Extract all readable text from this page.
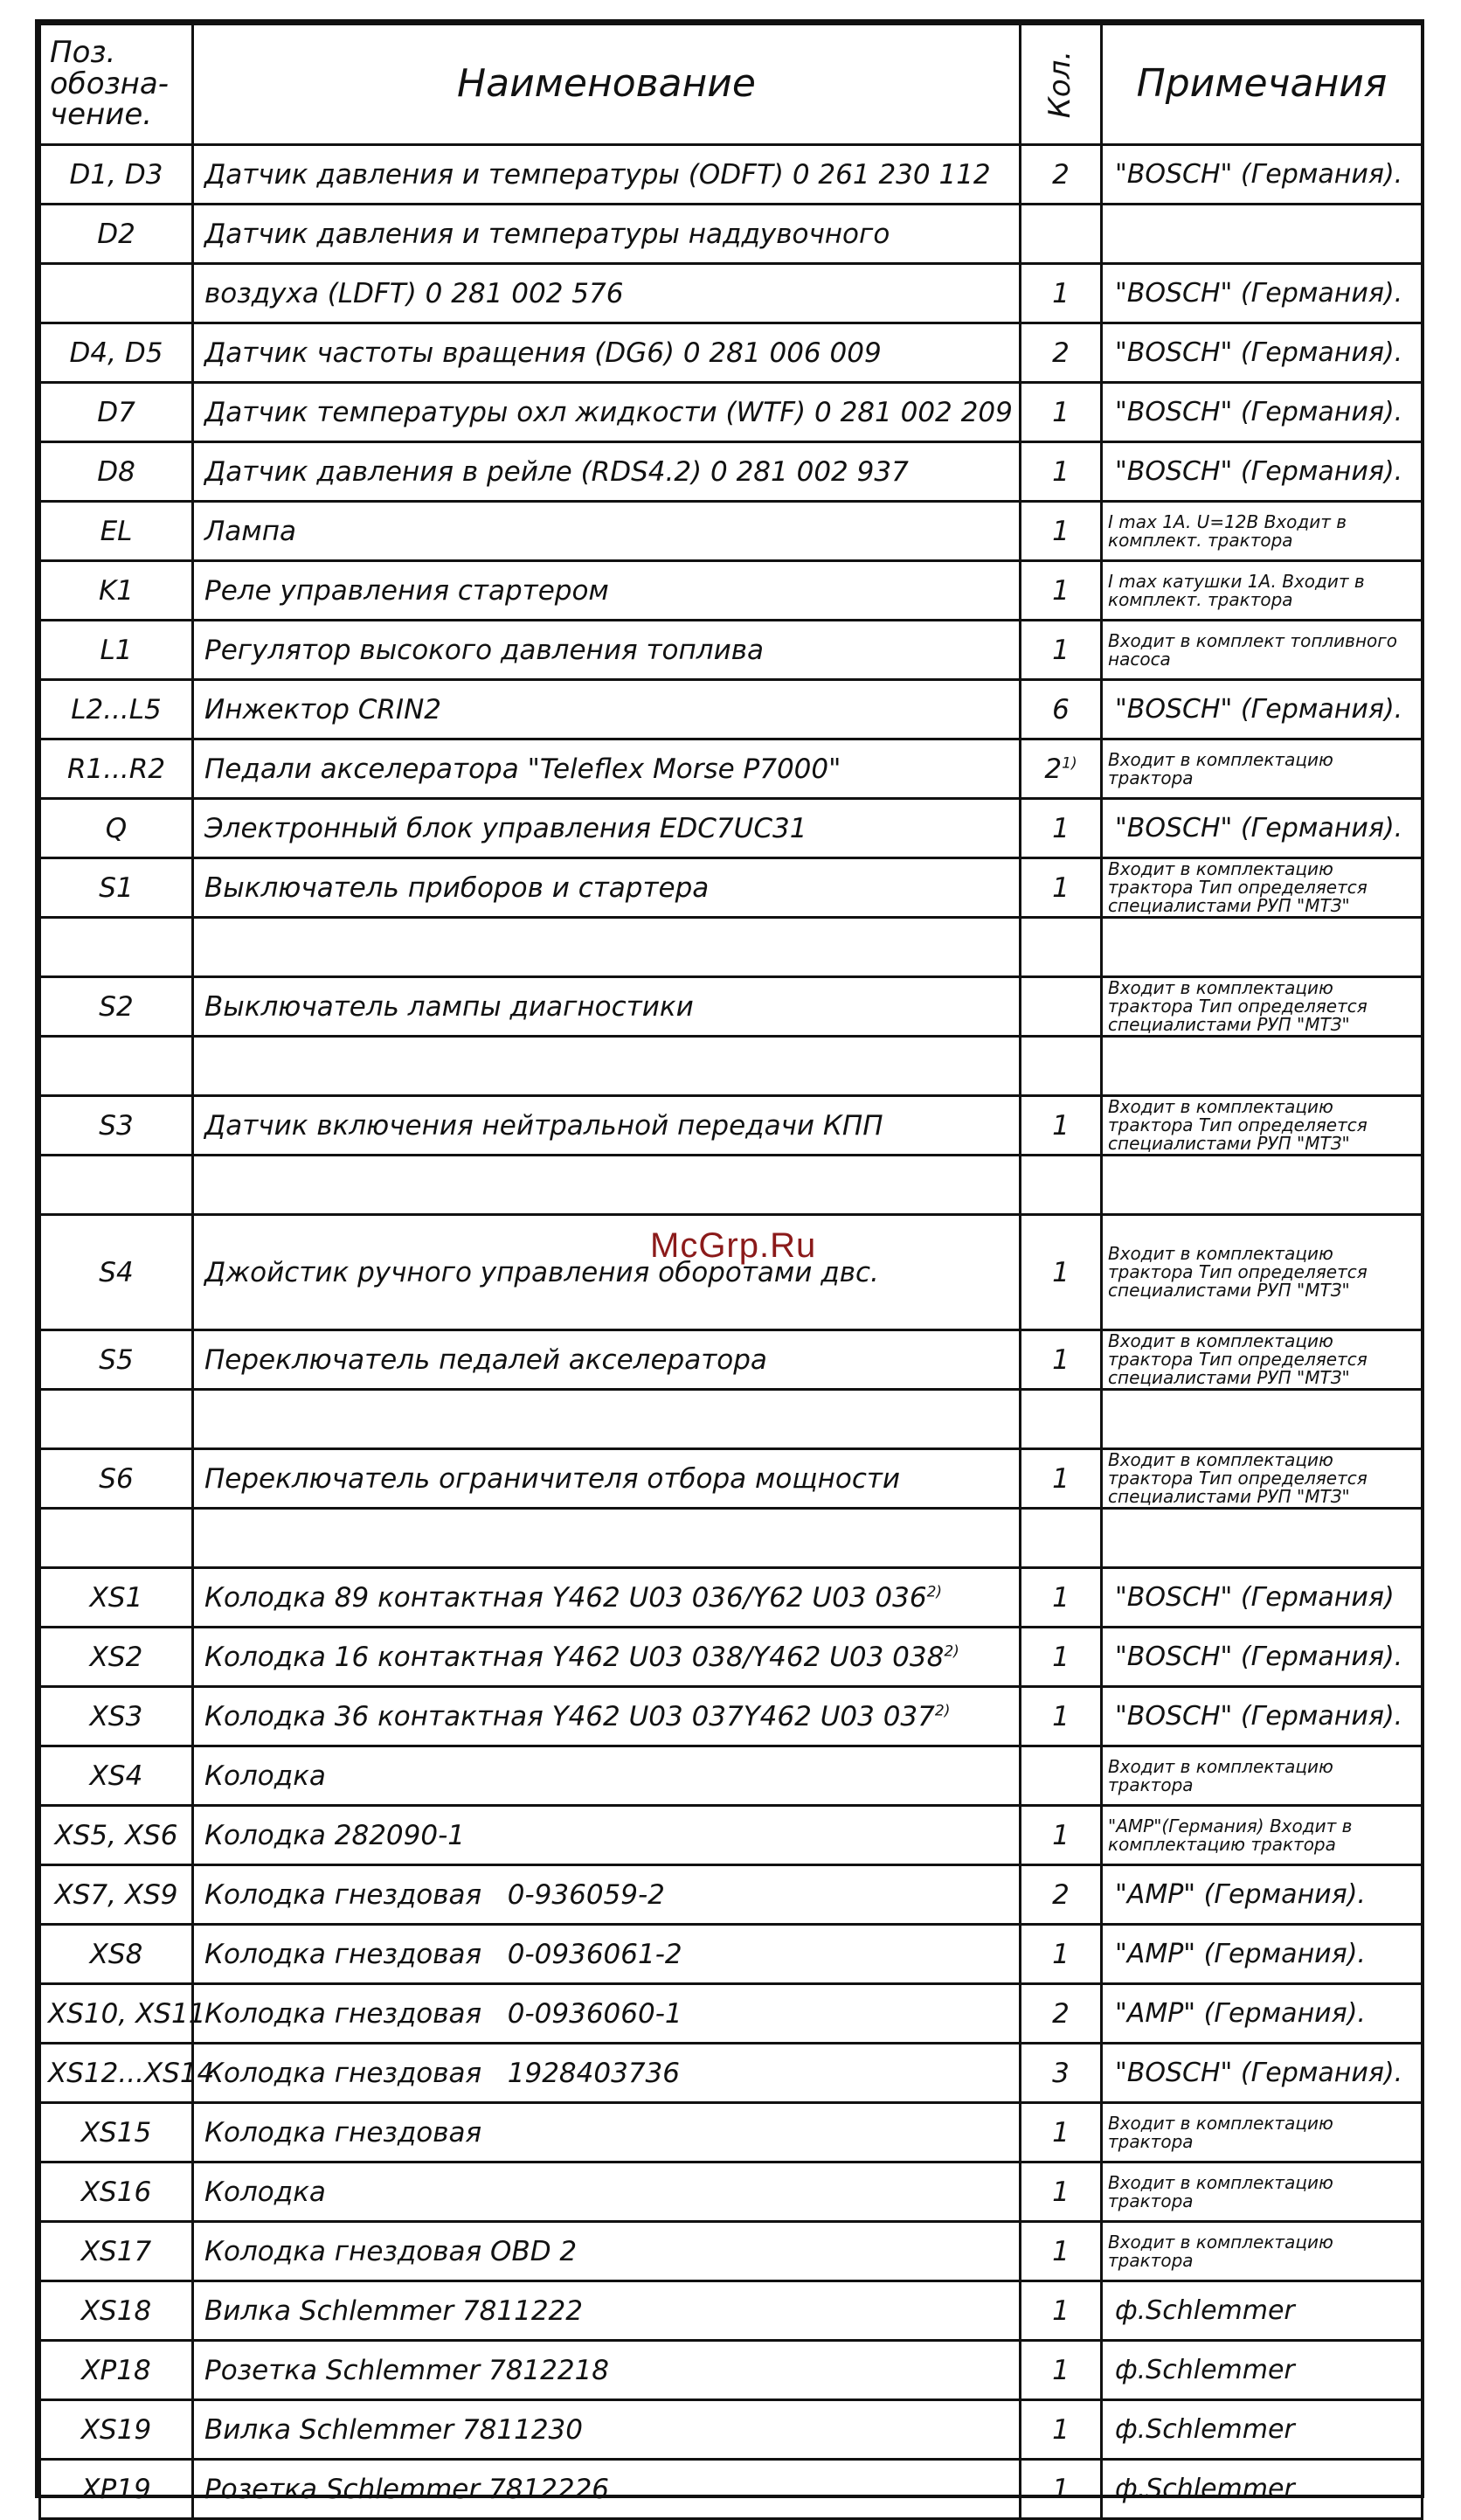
Поз. обозна- чение.	Наименование	Кол.	Примечания
D1, D3	Датчик давления и температуры (ODFT) 0 261 230 112	2	"BOSCH" (Германия).
D2	Датчик давления и температуры наддувочного		
	воздуха (LDFT) 0 281 002 576	1	"BOSCH" (Германия).
D4, D5	Датчик частоты вращения (DG6) 0 281 006 009	2	"BOSCH" (Германия).
D7	Датчик температуры охл жидкости (WTF) 0 281 002 209	1	"BOSCH" (Германия).
D8	Датчик давления в рейле (RDS4.2) 0 281 002 937	1	"BOSCH" (Германия).
EL	Лампа	1	I max 1A. U=12B Входит в комплект. трактора
K1	Реле управления стартером	1	I max катушки 1A. Входит в комплект. трактора
L1	Регулятор высокого давления топлива	1	Входит в комплект топливного насоса
L2...L5	Инжектор CRIN2	6	"BOSCH" (Германия).
R1...R2	Педали акселератора "Teleflex Morse P7000"	2$^{1)}$	Входит в комплектацию трактора
Q	Электронный блок управления EDC7UC31	1	"BOSCH" (Германия).
S1	Выключатель приборов и стартера	1	Входит в комплектацию трактора Тип определяется специалистами РУП "МТЗ"

S2	Выключатель лампы диагностики		Входит в комплектацию трактора Тип определяется специалистами РУП "МТЗ"

S3	Датчик включения нейтральной передачи КПП	1	Входит в комплектацию трактора Тип определяется специалистами РУП "МТЗ"

S4	Джойстик ручного управления оборотами двс.	1	Входит в комплектацию трактора Тип определяется специалистами РУП "МТЗ"
S5	Переключатель педалей акселератора	1	Входит в комплектацию трактора Тип определяется специалистами РУП "МТЗ"

S6	Переключатель ограничителя отбора мощности	1	Входит в комплектацию трактора Тип определяется специалистами РУП "МТЗ"

XS1	Колодка 89 контактная Y462 U03 036/Y62 U03 036$^{2)}$	1	"BOSCH" (Германия)
XS2	Колодка 16 контактная Y462 U03 038/Y462 U03 038$^{2)}$	1	"BOSCH" (Германия).
XS3	Колодка 36 контактная Y462 U03 037Y462 U03 037$^{2)}$	1	"BOSCH" (Германия).
XS4	Колодка		Входит в комплектацию трактора
XS5, XS6	Колодка 282090-1	1	"AMP"(Германия) Входит в комплектацию трактора
XS7, XS9	Колодка гнездовая   0-936059-2	2	"AMP" (Германия).
XS8	Колодка гнездовая   0-0936061-2	1	"AMP" (Германия).
XS10, XS11	Колодка гнездовая   0-0936060-1	2	"AMP" (Германия).
XS12...XS14	Колодка гнездовая   1928403736	3	"BOSCH" (Германия).
XS15	Колодка гнездовая	1	Входит в комплектацию трактора
XS16	Колодка	1	Входит в комплектацию трактора
XS17	Колодка гнездовая OBD 2	1	Входит в комплектацию трактора
XS18	Вилка Schlemmer 7811222	1	ф.Schlemmer
XP18	Розетка Schlemmer 7812218	1	ф.Schlemmer
XS19	Вилка Schlemmer 7811230	1	ф.Schlemmer
XP19	Розетка Schlemmer 7812226	1	ф.Schlemmer
McGrp.Ru
